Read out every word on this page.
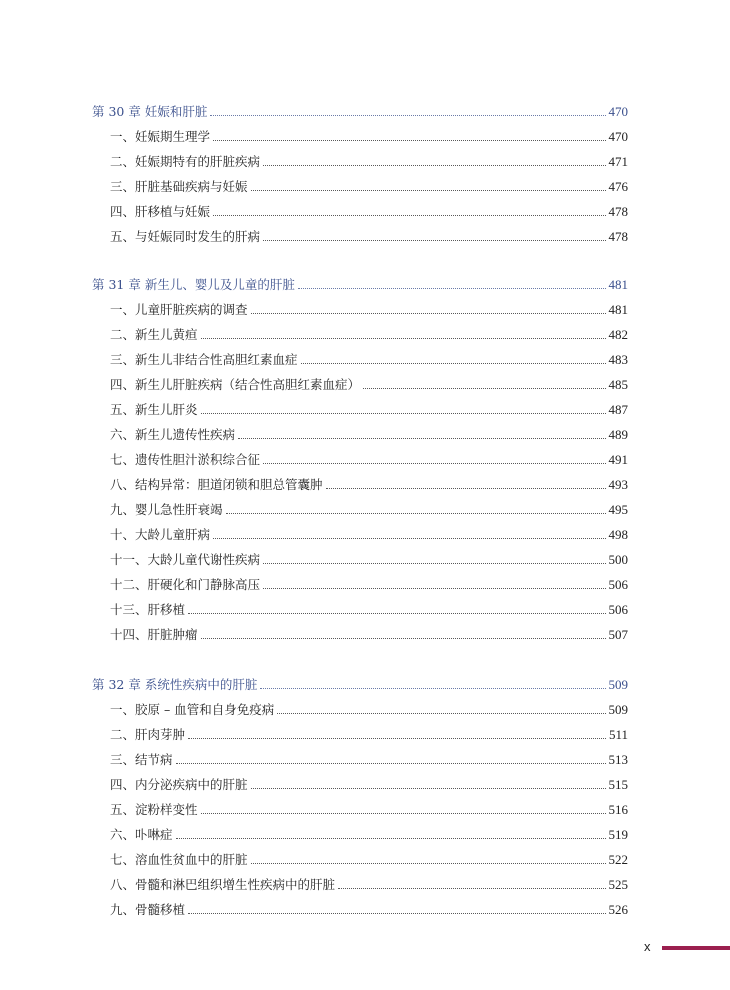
第 30 章 妊娠和肝脏	470
一、妊娠期生理学	470
二、妊娠期特有的肝脏疾病	471
三、肝脏基础疾病与妊娠	476
四、肝移植与妊娠	478
五、与妊娠同时发生的肝病	478
第 31 章 新生儿、婴儿及儿童的肝脏	481
一、儿童肝脏疾病的调查	481
二、新生儿黄疸	482
三、新生儿非结合性高胆红素血症	483
四、新生儿肝脏疾病（结合性高胆红素血症）	485
五、新生儿肝炎	487
六、新生儿遗传性疾病	489
七、遗传性胆汁淤积综合征	491
八、结构异常：胆道闭锁和胆总管囊肿	493
九、婴儿急性肝衰竭	495
十、大龄儿童肝病	498
十一、大龄儿童代谢性疾病	500
十二、肝硬化和门静脉高压	506
十三、肝移植	506
十四、肝脏肿瘤	507
第 32 章 系统性疾病中的肝脏	509
一、胶原 – 血管和自身免疫病	509
二、肝肉芽肿	511
三、结节病	513
四、内分泌疾病中的肝脏	515
五、淀粉样变性	516
六、卟啉症	519
七、溶血性贫血中的肝脏	522
八、骨髓和淋巴组织增生性疾病中的肝脏	525
九、骨髓移植	526
x
